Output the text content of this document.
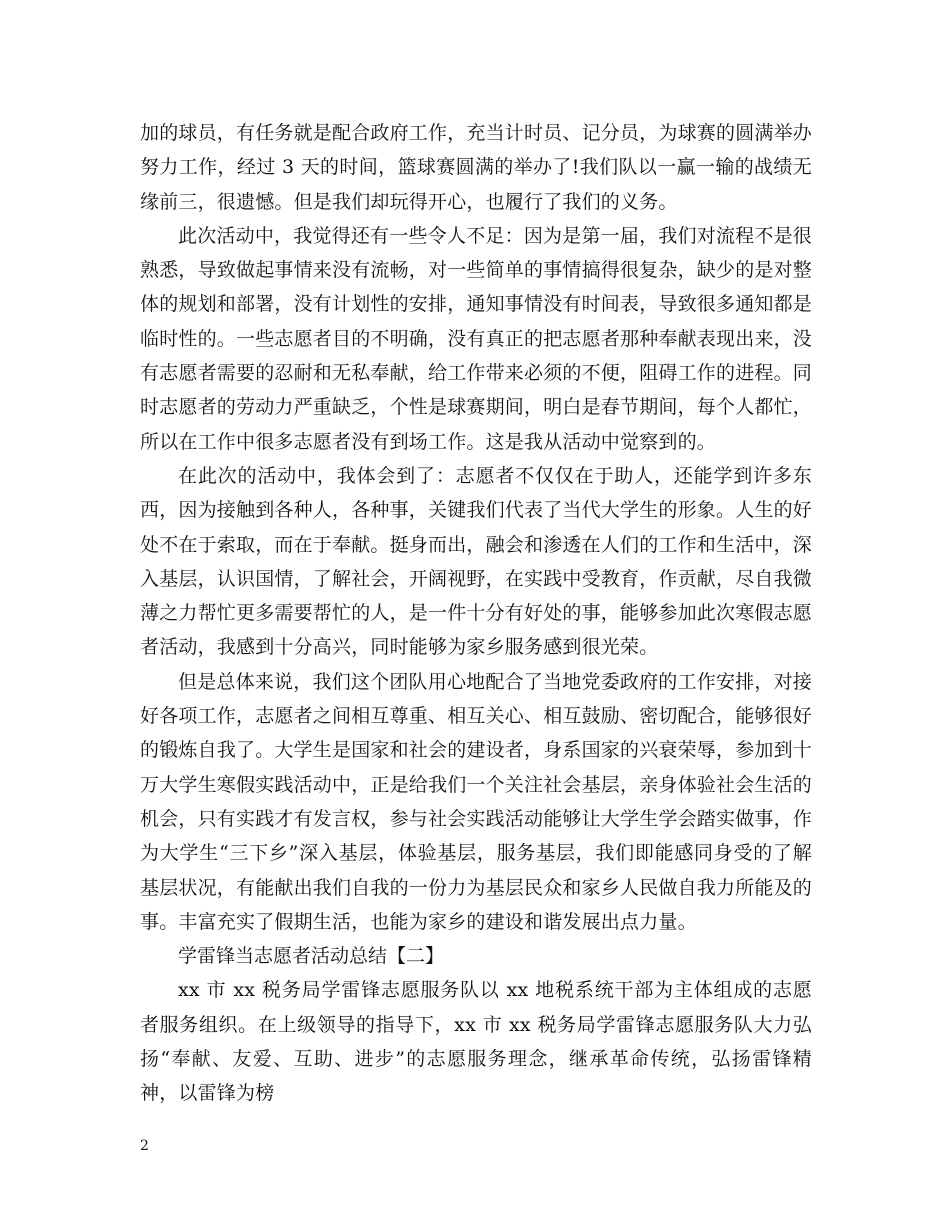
加的球员，有任务就是配合政府工作，充当计时员、记分员，为球赛的圆满举办努力工作，经过 3 天的时间，篮球赛圆满的举办了!我们队以一赢一输的战绩无缘前三，很遗憾。但是我们却玩得开心，也履行了我们的义务。

此次活动中，我觉得还有一些令人不足：因为是第一届，我们对流程不是很熟悉，导致做起事情来没有流畅，对一些简单的事情搞得很复杂，缺少的是对整体的规划和部署，没有计划性的安排，通知事情没有时间表，导致很多通知都是临时性的。一些志愿者目的不明确，没有真正的把志愿者那种奉献表现出来，没有志愿者需要的忍耐和无私奉献，给工作带来必须的不便，阻碍工作的进程。同时志愿者的劳动力严重缺乏，个性是球赛期间，明白是春节期间，每个人都忙，所以在工作中很多志愿者没有到场工作。这是我从活动中觉察到的。

在此次的活动中，我体会到了：志愿者不仅仅在于助人，还能学到许多东西，因为接触到各种人，各种事，关键我们代表了当代大学生的形象。人生的好处不在于索取，而在于奉献。挺身而出，融会和渗透在人们的工作和生活中，深入基层，认识国情，了解社会，开阔视野，在实践中受教育，作贡献，尽自我微薄之力帮忙更多需要帮忙的人，是一件十分有好处的事，能够参加此次寒假志愿者活动，我感到十分高兴，同时能够为家乡服务感到很光荣。

但是总体来说，我们这个团队用心地配合了当地党委政府的工作安排，对接好各项工作，志愿者之间相互尊重、相互关心、相互鼓励、密切配合，能够很好的锻炼自我了。大学生是国家和社会的建设者，身系国家的兴衰荣辱，参加到十万大学生寒假实践活动中，正是给我们一个关注社会基层，亲身体验社会生活的机会，只有实践才有发言权，参与社会实践活动能够让大学生学会踏实做事，作为大学生“三下乡”深入基层，体验基层，服务基层，我们即能感同身受的了解基层状况，有能献出我们自我的一份力为基层民众和家乡人民做自我力所能及的事。丰富充实了假期生活，也能为家乡的建设和谐发展出点力量。

学雷锋当志愿者活动总结【二】

xx 市 xx 税务局学雷锋志愿服务队以 xx 地税系统干部为主体组成的志愿者服务组织。在上级领导的指导下，xx 市 xx 税务局学雷锋志愿服务队大力弘扬“奉献、友爱、互助、进步”的志愿服务理念，继承革命传统，弘扬雷锋精神，以雷锋为榜

2
